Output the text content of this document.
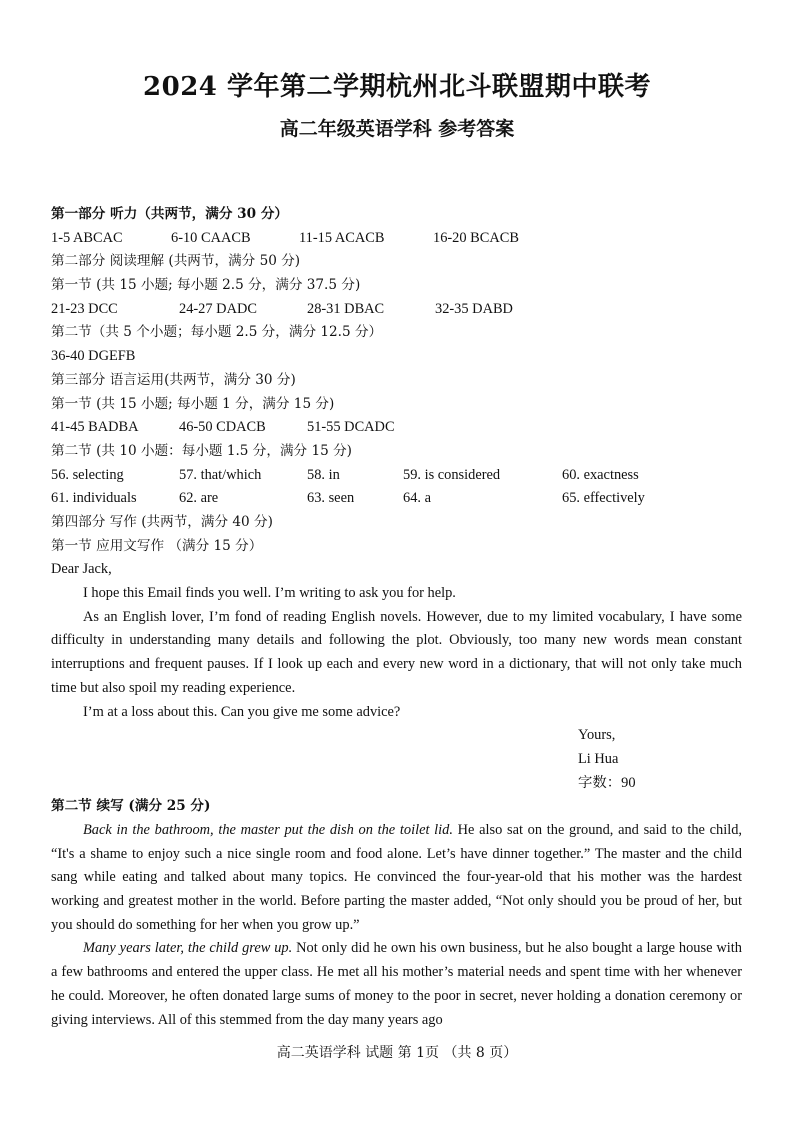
2024 学年第二学期杭州北斗联盟期中联考
高二年级英语学科 参考答案
第一部分 听力（共两节，满分 30 分）
1-5 ABCAC	6-10 CAACB	11-15 ACACB	16-20 BCACB
第二部分 阅读理解 (共两节，满分 50 分)
第一节 (共 15 小题; 每小题 2.5 分，满分 37.5 分)
21-23 DCC	24-27 DADC	28-31 DBAC	32-35 DABD
第二节（共 5 个小题；每小题 2.5 分，满分 12.5 分）
36-40 DGEFB
第三部分 语言运用(共两节，满分 30 分)
第一节 (共 15 小题; 每小题 1 分，满分 15 分)
41-45 BADBA	46-50 CDACB	51-55 DCADC
第二节 (共 10 小题：每小题 1.5 分，满分 15 分)
56. selecting	57. that/which	58. in	59. is considered	60. exactness
61. individuals	62. are	63. seen	64. a	65. effectively
第四部分 写作 (共两节，满分 40 分)
第一节 应用文写作 （满分 15 分）
Dear Jack,

I hope this Email finds you well. I’m writing to ask you for help.

As an English lover, I’m fond of reading English novels. However, due to my limited vocabulary, I have some difficulty in understanding many details and following the plot. Obviously, too many new words mean constant interruptions and frequent pauses. If I look up each and every new word in a dictionary, that will not only take much time but also spoil my reading experience.

I’m at a loss about this. Can you give me some advice?

Yours,
Li Hua
字数：90
第二节 续写 (满分 25 分)

Back in the bathroom, the master put the dish on the toilet lid. He also sat on the ground, and said to the child, “It's a shame to enjoy such a nice single room and food alone. Let’s have dinner together.” The master and the child sang while eating and talked about many topics. He convinced the four-year-old that his mother was the hardest working and greatest mother in the world. Before parting the master added, “Not only should you be proud of her, but you should do something for her when you grow up.”

Many years later, the child grew up. Not only did he own his own business, but he also bought a large house with a few bathrooms and entered the upper class. He met all his mother’s material needs and spent time with her whenever he could. Moreover, he often donated large sums of money to the poor in secret, never holding a donation ceremony or giving interviews. All of this stemmed from the day many years ago

高二英语学科 试题 第 1页 （共 8 页）
